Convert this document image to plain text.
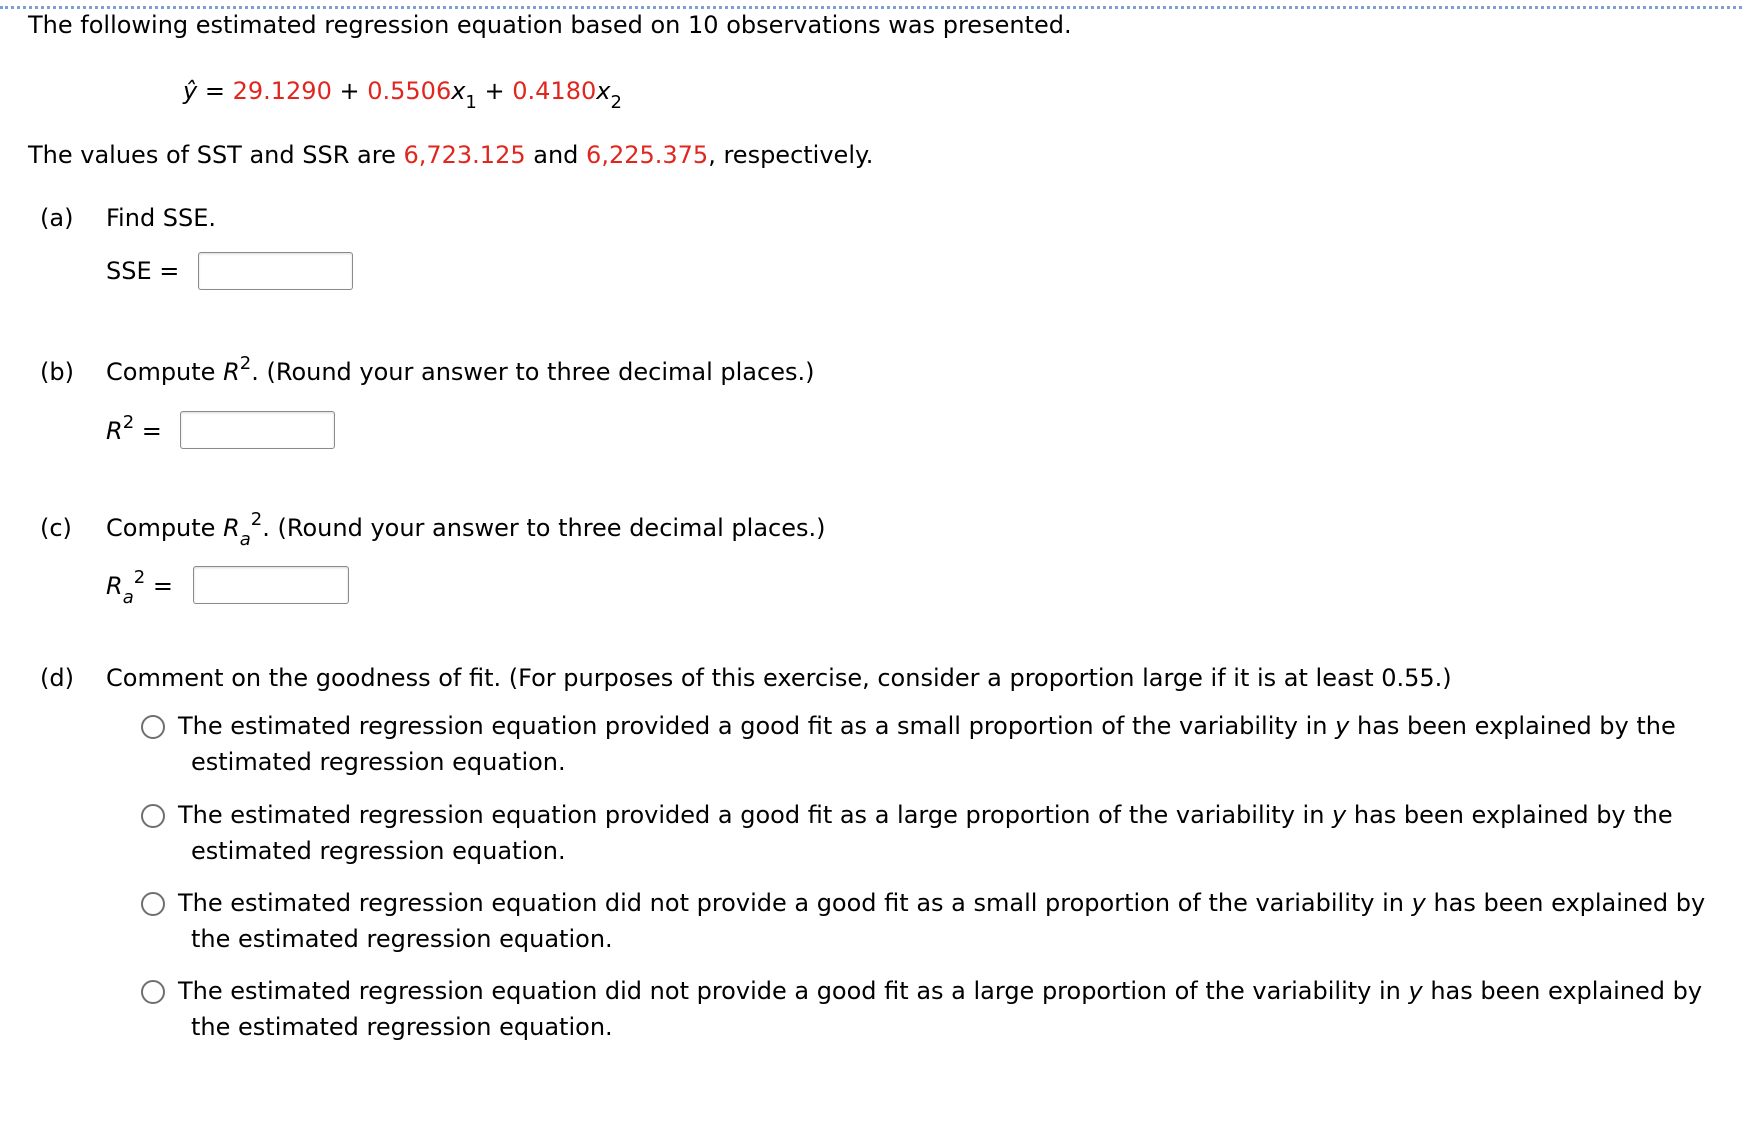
The following estimated regression equation based on 10 observations was presented.
ŷ = $29.1290 + 0.5506x_1 + 0.4180x_2$
The values of SST and SSR are 6,723.125 and 6,225.375, respectively.
(a) Find SSE.
SSE =
(b) Compute $R^2$. (Round your answer to three decimal places.)
$R^2$ =
(c) Compute $R_a^2$. (Round your answer to three decimal places.)
$R_a^2$ =
(d) Comment on the goodness of fit. (For purposes of this exercise, consider a proportion large if it is at least 0.55.)
The estimated regression equation provided a good fit as a small proportion of the variability in y has been explained by the estimated regression equation.
The estimated regression equation provided a good fit as a large proportion of the variability in y has been explained by the estimated regression equation.
The estimated regression equation did not provide a good fit as a small proportion of the variability in y has been explained by the estimated regression equation.
The estimated regression equation did not provide a good fit as a large proportion of the variability in y has been explained by the estimated regression equation.
